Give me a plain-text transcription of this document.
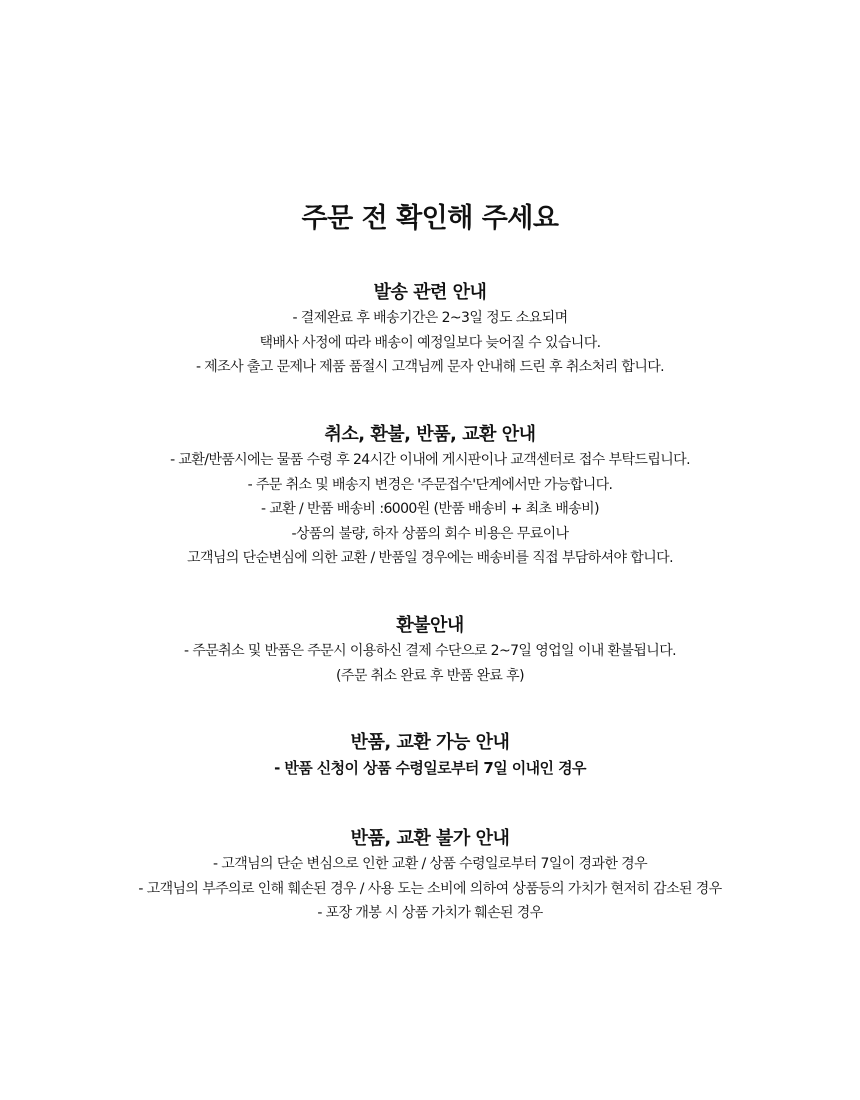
주문 전 확인해 주세요
발송 관련 안내
- 결제완료 후 배송기간은 2~3일 정도 소요되며
택배사 사정에 따라 배송이 예정일보다 늦어질 수 있습니다.
- 제조사 출고 문제나 제품 품절시 고객님께 문자 안내해 드린 후 취소처리 합니다.
취소, 환불, 반품, 교환 안내
- 교환/반품시에는 물품 수령 후 24시간 이내에 게시판이나 교객센터로 접수 부탁드립니다.
- 주문 취소 및 배송지 변경은 '주문접수'단계에서만 가능합니다.
- 교환 / 반품 배송비 :6000원 (반품 배송비 + 최초 배송비)
-상품의 불량, 하자 상품의 회수 비용은 무료이나
고객님의 단순변심에 의한 교환 / 반품일 경우에는 배송비를 직접 부담하셔야 합니다.
환불안내
- 주문취소 및 반품은 주문시 이용하신 결제 수단으로 2~7일 영업일 이내 환불됩니다.
(주문 취소 완료 후 반품 완료 후)
반품, 교환 가능 안내
- 반품 신청이 상품 수령일로부터 7일 이내인 경우
반품, 교환 불가 안내
- 고객님의 단순 변심으로 인한 교환 / 상품 수령일로부터 7일이 경과한 경우
- 고객님의 부주의로 인해 훼손된 경우 / 사용 도는 소비에 의하여 상품등의 가치가 현저히 감소된 경우
- 포장 개봉 시 상품 가치가 훼손된 경우
